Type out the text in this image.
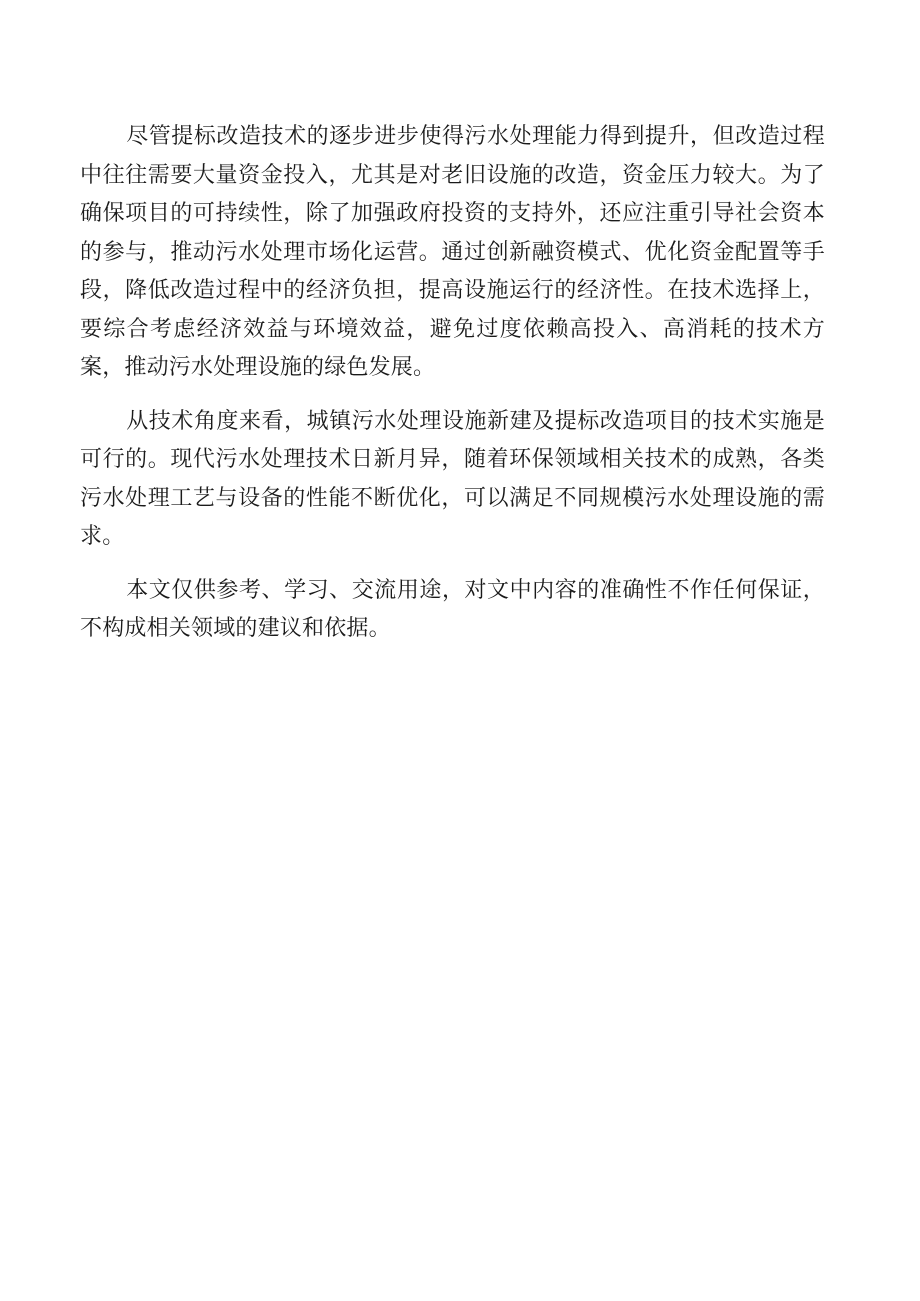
尽管提标改造技术的逐步进步使得污水处理能力得到提升，但改造过程中往往需要大量资金投入，尤其是对老旧设施的改造，资金压力较大。为了确保项目的可持续性，除了加强政府投资的支持外，还应注重引导社会资本的参与，推动污水处理市场化运营。通过创新融资模式、优化资金配置等手段，降低改造过程中的经济负担，提高设施运行的经济性。在技术选择上，要综合考虑经济效益与环境效益，避免过度依赖高投入、高消耗的技术方案，推动污水处理设施的绿色发展。

从技术角度来看，城镇污水处理设施新建及提标改造项目的技术实施是可行的。现代污水处理技术日新月异，随着环保领域相关技术的成熟，各类污水处理工艺与设备的性能不断优化，可以满足不同规模污水处理设施的需求。

本文仅供参考、学习、交流用途，对文中内容的准确性不作任何保证，不构成相关领域的建议和依据。
